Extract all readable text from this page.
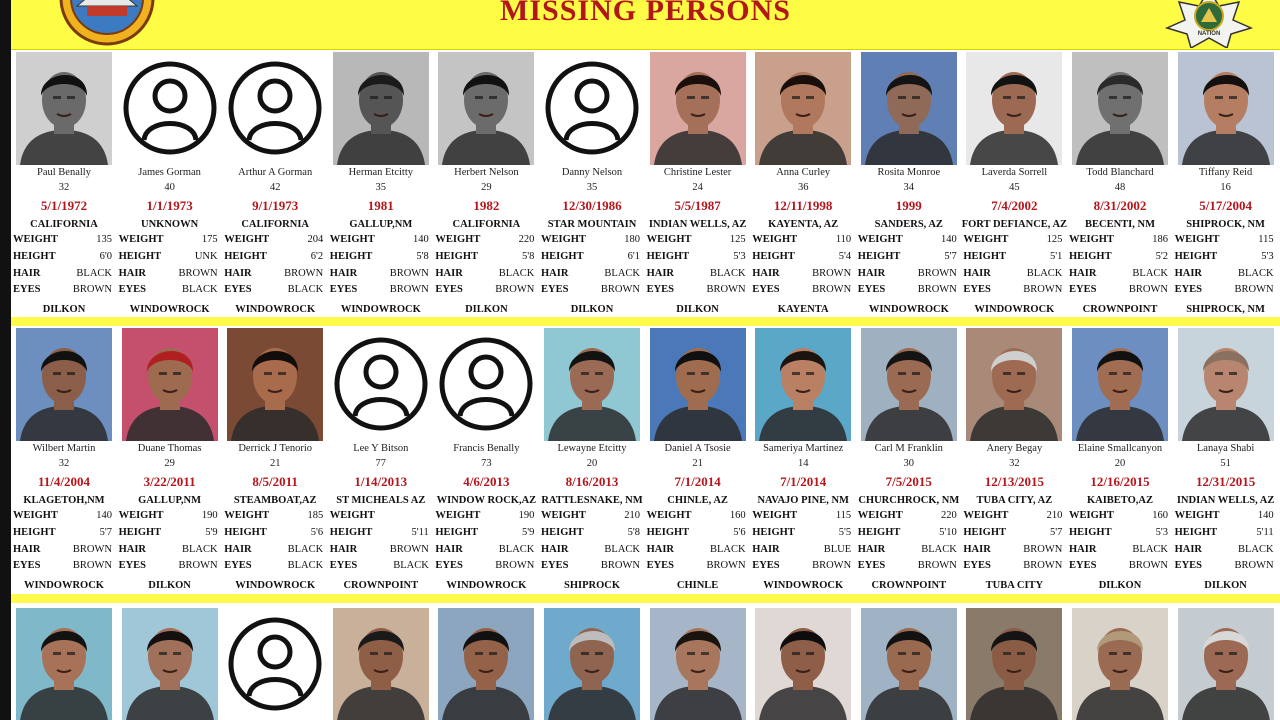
MISSING PERSONS
NATION
Paul Benally
32
5/1/1972
CALIFORNIA
WEIGHT	135
HEIGHT	6'0
HAIR	BLACK
EYES	BROWN
DILKON
James Gorman
40
1/1/1973
UNKNOWN
WEIGHT	175
HEIGHT	UNK
HAIR	BROWN
EYES	BLACK
WINDOWROCK
Arthur A Gorman
42
9/1/1973
CALIFORNIA
WEIGHT	204
HEIGHT	6'2
HAIR	BROWN
EYES	BLACK
WINDOWROCK
Herman Etcitty
35
1981
GALLUP,NM
WEIGHT	140
HEIGHT	5'8
HAIR	BROWN
EYES	BROWN
WINDOWROCK
Herbert Nelson
29
1982
CALIFORNIA
WEIGHT	220
HEIGHT	5'8
HAIR	BLACK
EYES	BROWN
DILKON
Danny Nelson
35
12/30/1986
STAR MOUNTAIN
WEIGHT	180
HEIGHT	6'1
HAIR	BLACK
EYES	BROWN
DILKON
Christine Lester
24
5/5/1987
INDIAN WELLS, AZ
WEIGHT	125
HEIGHT	5'3
HAIR	BLACK
EYES	BROWN
DILKON
Anna Curley
36
12/11/1998
KAYENTA, AZ
WEIGHT	110
HEIGHT	5'4
HAIR	BROWN
EYES	BROWN
KAYENTA
Rosita Monroe
34
1999
SANDERS, AZ
WEIGHT	140
HEIGHT	5'7
HAIR	BROWN
EYES	BROWN
WINDOWROCK
Laverda Sorrell
45
7/4/2002
FORT DEFIANCE, AZ
WEIGHT	125
HEIGHT	5'1
HAIR	BLACK
EYES	BROWN
WINDOWROCK
Todd Blanchard
48
8/31/2002
BECENTI, NM
WEIGHT	186
HEIGHT	5'2
HAIR	BLACK
EYES	BROWN
CROWNPOINT
Tiffany Reid
16
5/17/2004
SHIPROCK, NM
WEIGHT	115
HEIGHT	5'3
HAIR	BLACK
EYES	BROWN
SHIPROCK, NM
Wilbert Martin
32
11/4/2004
KLAGETOH,NM
WEIGHT	140
HEIGHT	5'7
HAIR	BROWN
EYES	BROWN
WINDOWROCK
Duane Thomas
29
3/22/2011
GALLUP,NM
WEIGHT	190
HEIGHT	5'9
HAIR	BLACK
EYES	BROWN
DILKON
Derrick J Tenorio
21
8/5/2011
STEAMBOAT,AZ
WEIGHT	185
HEIGHT	5'6
HAIR	BLACK
EYES	BLACK
WINDOWROCK
Lee Y Bitson
77
1/14/2013
ST MICHEALS AZ
WEIGHT
HEIGHT	5'11
HAIR	BROWN
EYES	BLACK
CROWNPOINT
Francis Benally
73
4/6/2013
WINDOW ROCK,AZ
WEIGHT	190
HEIGHT	5'9
HAIR	BLACK
EYES	BROWN
WINDOWROCK
Lewayne Etcitty
20
8/16/2013
RATTLESNAKE, NM
WEIGHT	210
HEIGHT	5'8
HAIR	BLACK
EYES	BROWN
SHIPROCK
Daniel A Tsosie
21
7/1/2014
CHINLE, AZ
WEIGHT	160
HEIGHT	5'6
HAIR	BLACK
EYES	BROWN
CHINLE
Sameriya Martinez
14
7/1/2014
NAVAJO PINE, NM
WEIGHT	115
HEIGHT	5'5
HAIR	BLUE
EYES	BROWN
WINDOWROCK
Carl M Franklin
30
7/5/2015
CHURCHROCK, NM
WEIGHT	220
HEIGHT	5'10
HAIR	BLACK
EYES	BROWN
CROWNPOINT
Anery Begay
32
12/13/2015
TUBA CITY, AZ
WEIGHT	210
HEIGHT	5'7
HAIR	BROWN
EYES	BROWN
TUBA CITY
Elaine Smallcanyon
20
12/16/2015
KAIBETO,AZ
WEIGHT	160
HEIGHT	5'3
HAIR	BLACK
EYES	BROWN
DILKON
Lanaya Shabi
51
12/31/2015
INDIAN WELLS, AZ
WEIGHT	140
HEIGHT	5'11
HAIR	BLACK
EYES	BROWN
DILKON
